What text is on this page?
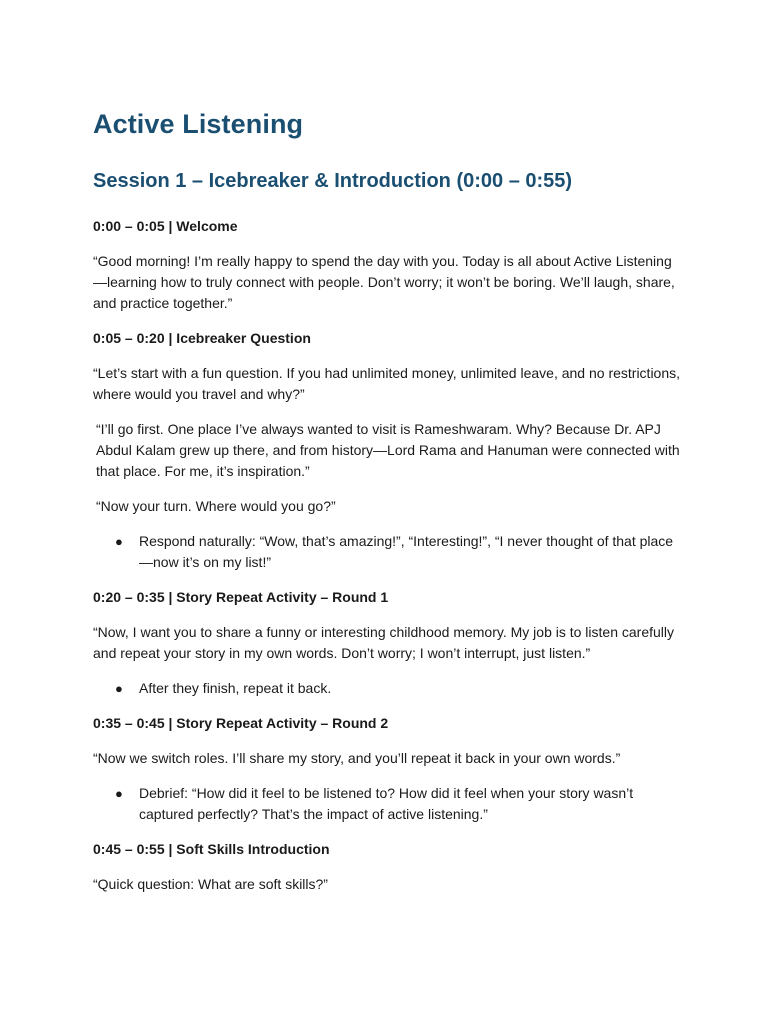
Active Listening
Session 1 – Icebreaker & Introduction (0:00 – 0:55)

0:00 – 0:05 | Welcome

“Good morning! I’m really happy to spend the day with you. Today is all about Active Listening—learning how to truly connect with people. Don’t worry; it won’t be boring. We’ll laugh, share, and practice together.”

0:05 – 0:20 | Icebreaker Question

“Let’s start with a fun question. If you had unlimited money, unlimited leave, and no restrictions, where would you travel and why?”

“I’ll go first. One place I’ve always wanted to visit is Rameshwaram. Why? Because Dr. APJ Abdul Kalam grew up there, and from history—Lord Rama and Hanuman were connected with that place. For me, it’s inspiration.”

“Now your turn. Where would you go?”

● Respond naturally: “Wow, that’s amazing!”, “Interesting!”, “I never thought of that place—now it’s on my list!”

0:20 – 0:35 | Story Repeat Activity – Round 1

“Now, I want you to share a funny or interesting childhood memory. My job is to listen carefully and repeat your story in my own words. Don’t worry; I won’t interrupt, just listen.”

● After they finish, repeat it back.

0:35 – 0:45 | Story Repeat Activity – Round 2

“Now we switch roles. I’ll share my story, and you’ll repeat it back in your own words.”

● Debrief: “How did it feel to be listened to? How did it feel when your story wasn’t captured perfectly? That’s the impact of active listening.”

0:45 – 0:55 | Soft Skills Introduction

“Quick question: What are soft skills?”
